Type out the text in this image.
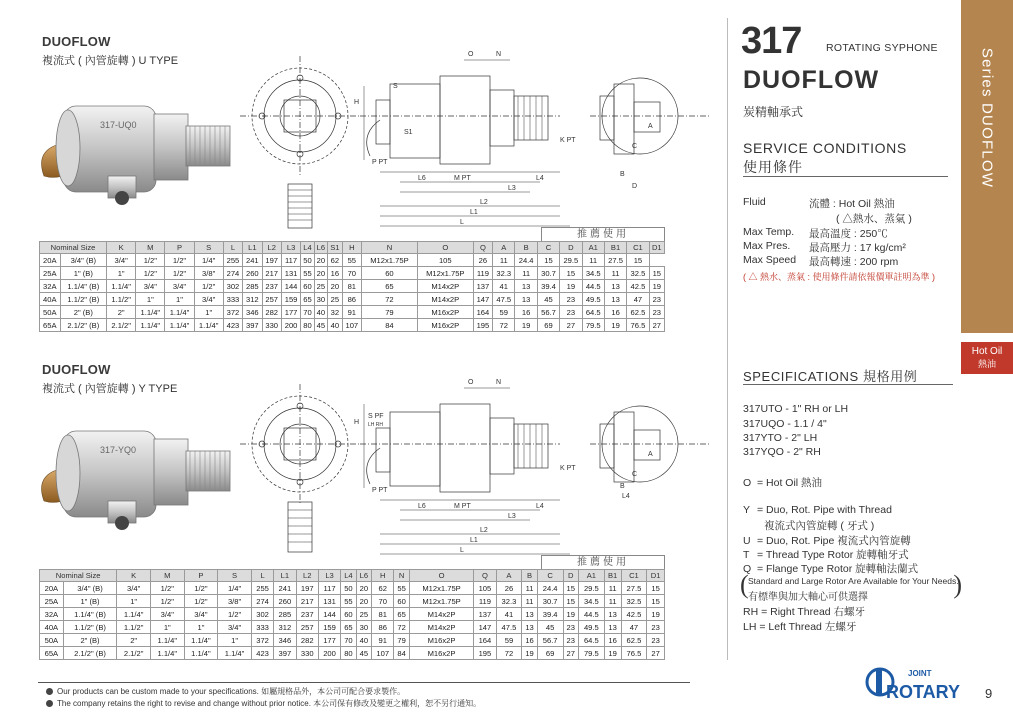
DUOFLOW
複流式 ( 內管旋轉 ) U TYPE
317-UQ0
O	N
H
S
S1
P PT
K PT
L6	M PT	L4
L3
L2
L1
L
C
A
B
D
推薦使用
Nominal Size		K	M	P	S	L	L1	L2	L3	L4	L6	S1	H	N	O	Q	A	B	C	D	A1	B1	C1	D1
20A	3/4" (B)	3/4"	1/2"	1/2"	1/4"	255	241	197	117	50	20	62	55	M12x1.75P	105	26	11	24.4	15	29.5	11	27.5	15	
25A	1" (B)	1"	1/2"	1/2"	3/8"	274	260	217	131	55	20	16	70	60	M12x1.75P	119	32.3	11	30.7	15	34.5	11	32.5	15
32A	1.1/4" (B)	1.1/4"	3/4"	3/4"	1/2"	302	285	237	144	60	25	20	81	65	M14x2P	137	41	13	39.4	19	44.5	13	42.5	19
40A	1.1/2" (B)	1.1/2"	1"	1"	3/4"	333	312	257	159	65	30	25	86	72	M14x2P	147	47.5	13	45	23	49.5	13	47	23
50A	2" (B)	2"	1.1/4"	1.1/4"	1"	372	346	282	177	70	40	32	91	79	M16x2P	164	59	16	56.7	23	64.5	16	62.5	23
65A	2.1/2" (B)	2.1/2"	1.1/4"	1.1/4"	1.1/4"	423	397	330	200	80	45	40	107	84	M16x2P	195	72	19	69	27	79.5	19	76.5	27
DUOFLOW
複流式 ( 內管旋轉 ) Y TYPE
317-YQ0
O	N
H
S PF
LH RH
P PT
K PT
L6	M PT	L4
L3
L2
L1
L
C
A
B
L4
推薦使用
Nominal Size		K	M	P	S	L	L1	L2	L3	L4	L6	H	N	O	Q	A	B	C	D	A1	B1	C1	D1
20A	3/4" (B)	3/4"	1/2"	1/2"	1/4"	255	241	197	117	50	20	62	55	M12x1.75P	105	26	11	24.4	15	29.5	11	27.5	15
25A	1" (B)	1"	1/2"	1/2"	3/8"	274	260	217	131	55	20	70	60	M12x1.75P	119	32.3	11	30.7	15	34.5	11	32.5	15
32A	1.1/4" (B)	1.1/4"	3/4"	3/4"	1/2"	302	285	237	144	60	25	81	65	M14x2P	137	41	13	39.4	19	44.5	13	42.5	19
40A	1.1/2" (B)	1.1/2"	1"	1"	3/4"	333	312	257	159	65	30	86	72	M14x2P	147	47.5	13	45	23	49.5	13	47	23
50A	2" (B)	2"	1.1/4"	1.1/4"	1"	372	346	282	177	70	40	91	79	M16x2P	164	59	16	56.7	23	64.5	16	62.5	23
65A	2.1/2" (B)	2.1/2"	1.1/4"	1.1/4"	1.1/4"	423	397	330	200	80	45	107	84	M16x2P	195	72	19	69	27	79.5	19	76.5	27
317 ROTATING SYPHONE
DUOFLOW
炭精軸承式
SERVICE CONDITIONS
使用條件
Fluid	流體 : Hot Oil 熱油
( △熱水、蒸氣 )
Max Temp. 最高溫度 : 250℃
Max Pres. 最高壓力 : 17 kg/cm²
Max Speed 最高轉速 : 200 rpm
( △ 熱水、蒸氣 : 使用條件請依報價單註明為準 )
SPECIFICATIONS 規格用例
317UTO - 1" RH or LH
317UQO - 1.1 / 4"
317YTO - 2" LH
317YQO - 2" RH
O = Hot Oil 熱油
Y = Duo, Rot. Pipe with Thread
複流式內管旋轉 ( 牙式 )
U = Duo, Rot. Pipe 複流式內管旋轉
T = Thread Type Rotor 旋轉軸牙式
Q = Flange Type Rotor 旋轉軸法蘭式
( Standard and Large Rotor Are Available for Your Needs.
有標準與加大軸心可供選擇	)
RH = Right Thread 右螺牙
LH = Left Thread 左螺牙
Series DUOFLOW
Hot Oil
熱油
Our products can be custom made to your specifications. 如屬規格品外，本公司可配合要求製作。
The company retains the right to revise and change without prior notice. 本公司保有修改及變更之權利，恕不另行通知。
JOINT
ROTARY 9
